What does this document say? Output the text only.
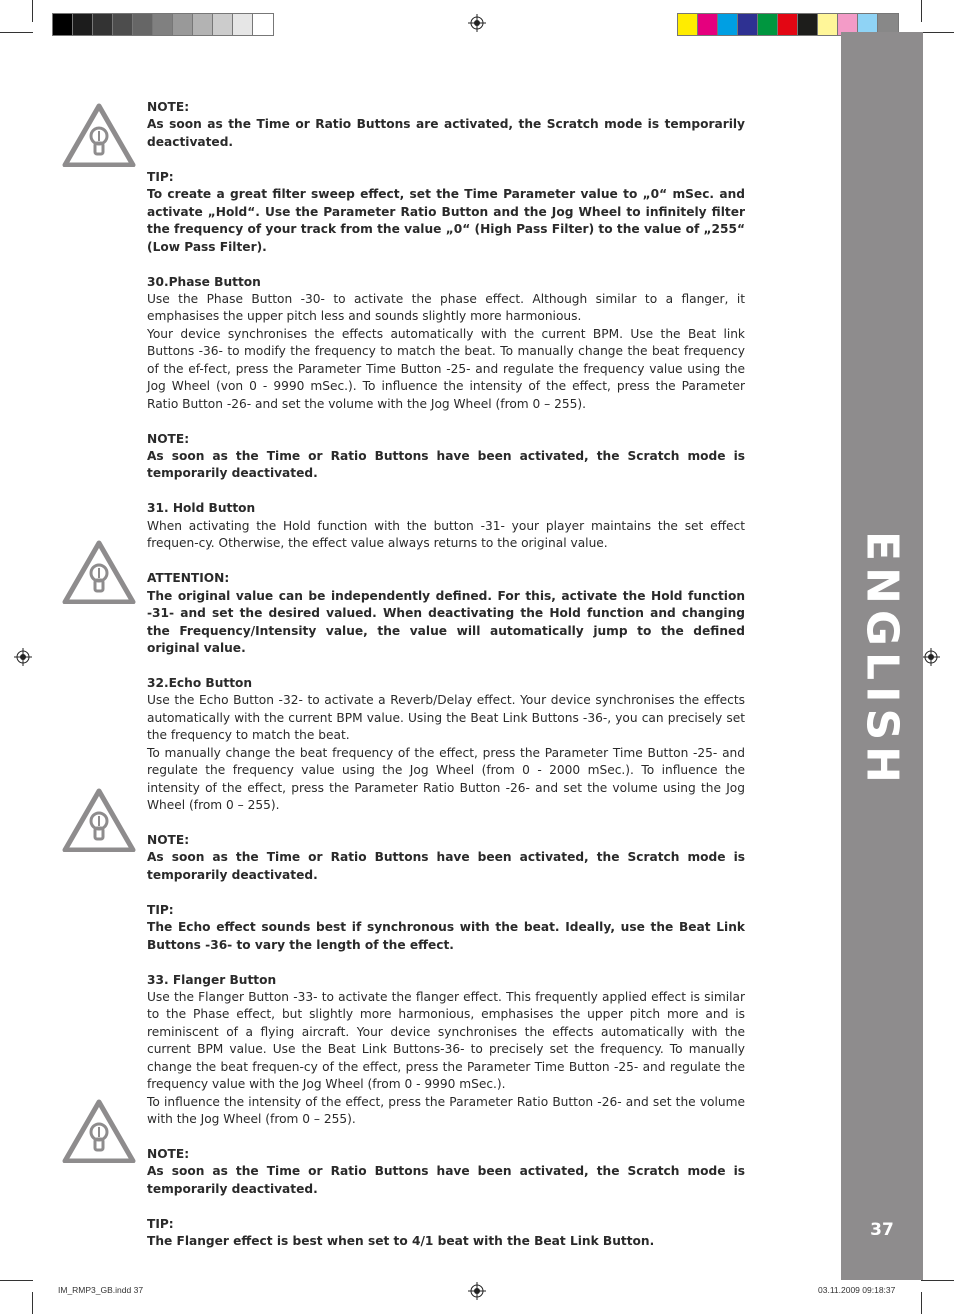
ENGLISH
37

NOTE:

As soon as the Time or Ratio Buttons are activated, the Scratch mode is temporarily deactivated.

TIP:

To create a great filter sweep effect, set the Time Parameter value to „0“ mSec. and activate „Hold“. Use the Parameter Ratio Button and the Jog Wheel to infinitely filter the frequency of your track from the value „0“ (High Pass Filter) to the value of „255“ (Low Pass Filter).

30.Phase Button

Use the Phase Button -30- to activate the phase effect. Although similar to a flanger, it emphasises the upper pitch less and sounds slightly more harmonious.

Your device synchronises the effects automatically with the current BPM. Use the Beat link Buttons -36- to modify the frequency to match the beat. To manually change the beat frequency of the ef-fect, press the Parameter Time Button -25- and regulate the frequency value using the Jog Wheel (von 0 - 9990 mSec.). To influence the intensity of the effect, press the Parameter Ratio Button -26- and set the volume with the Jog Wheel (from 0 – 255).

NOTE:

As soon as the Time or Ratio Buttons have been activated, the Scratch mode is temporarily deactivated.

31. Hold Button

When activating the Hold function with the button -31- your player maintains the set effect frequen-cy. Otherwise, the effect value always returns to the original value.

ATTENTION:

The original value can be independently defined. For this, activate the Hold function -31- and set the desired valued. When deactivating the Hold function and changing the Frequency/Intensity value, the value will automatically jump to the defined original value.

32.Echo Button

Use the Echo Button -32- to activate a Reverb/Delay effect. Your device synchronises the effects automatically with the current BPM value. Using the Beat Link Buttons -36-, you can precisely set the frequency to match the beat.

To manually change the beat frequency of the effect, press the Parameter Time Button -25- and regulate the frequency value using the Jog Wheel (from 0 - 2000 mSec.). To influence the intensity of the effect, press the Parameter Ratio Button -26- and set the volume using the Jog Wheel (from 0 – 255).

NOTE:

As soon as the Time or Ratio Buttons have been activated, the Scratch mode is temporarily deactivated.

TIP:

The Echo effect sounds best if synchronous with the beat. Ideally, use the Beat Link Buttons -36- to vary the length of the effect.

33. Flanger Button

Use the Flanger Button -33- to activate the flanger effect. This frequently applied effect is similar to the Phase effect, but slightly more harmonious, emphasises the upper pitch more and is reminiscent of a flying aircraft. Your device synchronises the effects automatically with the current BPM value. Use the Beat Link Buttons-36- to precisely set the frequency. To manually change the beat frequen-cy of the effect, press the Parameter Time Button -25- and regulate the frequency value with the Jog Wheel (from 0 - 9990 mSec.).

To influence the intensity of the effect, press the Parameter Ratio Button -26- and set the volume with the Jog Wheel (from 0 – 255).

NOTE:

As soon as the Time or Ratio Buttons have been activated, the Scratch mode is temporarily deactivated.

TIP:

The Flanger effect is best when set to 4/1 beat with the Beat Link Button.

IM_RMP3_GB.indd 37	03.11.2009 09:18:37
